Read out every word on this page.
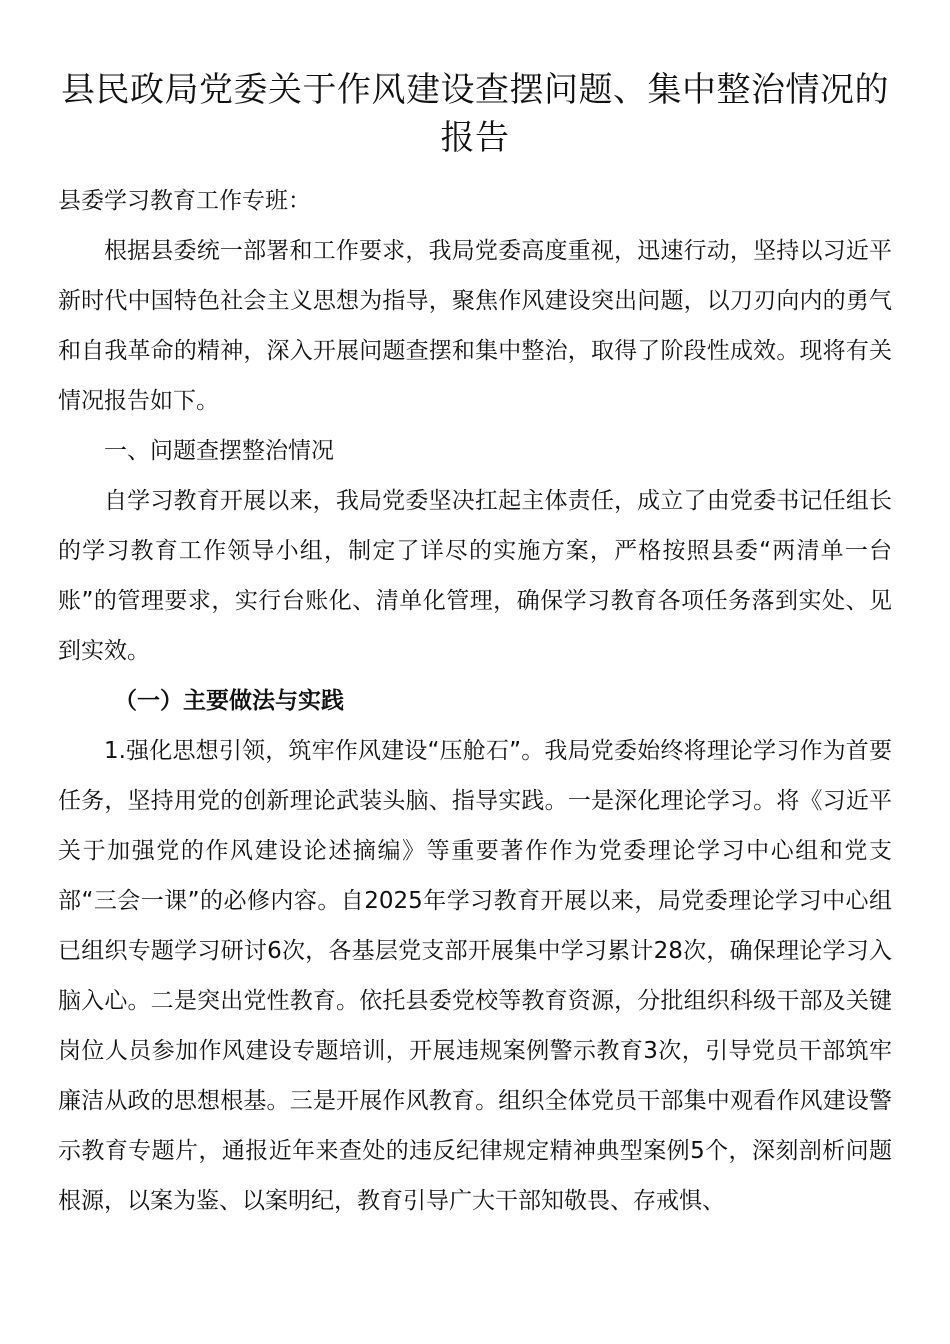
县民政局党委关于作风建设查摆问题、集中整治情况的报告

县委学习教育工作专班：

根据县委统一部署和工作要求，我局党委高度重视，迅速行动，坚持以习近平新时代中国特色社会主义思想为指导，聚焦作风建设突出问题，以刀刃向内的勇气和自我革命的精神，深入开展问题查摆和集中整治，取得了阶段性成效。现将有关情况报告如下。

一、问题查摆整治情况

自学习教育开展以来，我局党委坚决扛起主体责任，成立了由党委书记任组长的学习教育工作领导小组，制定了详尽的实施方案，严格按照县委“两清单一台账”的管理要求，实行台账化、清单化管理，确保学习教育各项任务落到实处、见到实效。

（一）主要做法与实践

1.强化思想引领，筑牢作风建设“压舱石”。我局党委始终将理论学习作为首要任务，坚持用党的创新理论武装头脑、指导实践。一是深化理论学习。将《习近平关于加强党的作风建设论述摘编》等重要著作作为党委理论学习中心组和党支部“三会一课”的必修内容。自2025年学习教育开展以来，局党委理论学习中心组已组织专题学习研讨6次，各基层党支部开展集中学习累计28次，确保理论学习入脑入心。二是突出党性教育。依托县委党校等教育资源，分批组织科级干部及关键岗位人员参加作风建设专题培训，开展违规案例警示教育3次，引导党员干部筑牢廉洁从政的思想根基。三是开展作风教育。组织全体党员干部集中观看作风建设警示教育专题片，通报近年来查处的违反纪律规定精神典型案例5个，深刻剖析问题根源，以案为鉴、以案明纪，教育引导广大干部知敬畏、存戒惧、
